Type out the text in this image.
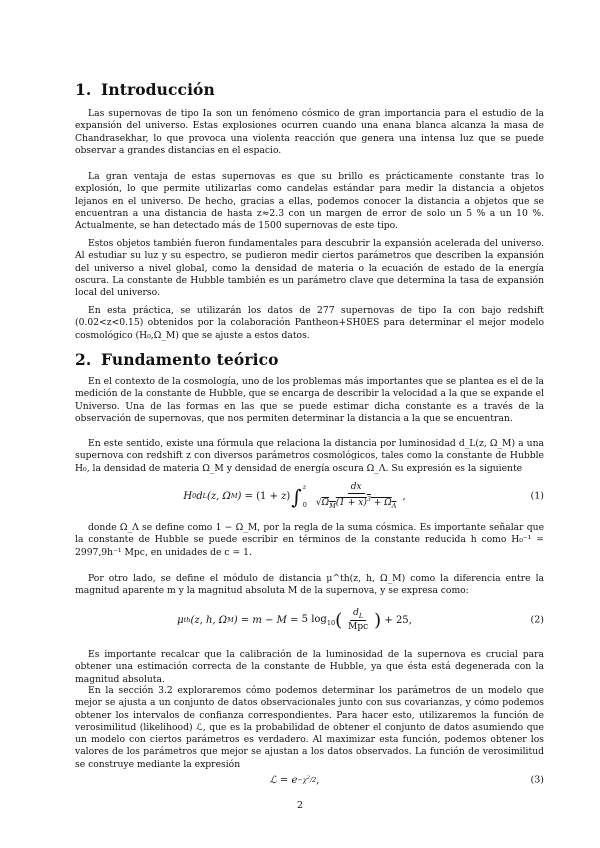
1. Introducción

Las supernovas de tipo Ia son un fenómeno cósmico de gran importancia para el estudio de la expansión del universo. Estas explosiones ocurren cuando una enana blanca alcanza la masa de Chandrasekhar, lo que provoca una violenta reacción que genera una intensa luz que se puede observar a grandes distancias en el espacio.

La gran ventaja de estas supernovas es que su brillo es prácticamente constante tras lo explosión, lo que permite utilizarlas como candelas estándar para medir la distancia a objetos lejanos en el universo. De hecho, gracias a ellas, podemos conocer la distancia a objetos que se encuentran a una distancia de hasta z≈2.3 con un margen de error de solo un 5 % a un 10 %. Actualmente, se han detectado más de 1500 supernovas de este tipo.

Estos objetos también fueron fundamentales para descubrir la expansión acelerada del universo. Al estudiar su luz y su espectro, se pudieron medir ciertos parámetros que describen la expansión del universo a nivel global, como la densidad de materia o la ecuación de estado de la energía oscura. La constante de Hubble también es un parámetro clave que determina la tasa de expansión local del universo.

En esta práctica, se utilizarán los datos de 277 supernovas de tipo Ia con bajo redshift (0.02<z<0.15) obtenidos por la colaboración Pantheon+SH0ES para determinar el mejor modelo cosmológico (H₀,Ω_M) que se ajuste a estos datos.

2. Fundamento teórico

En el contexto de la cosmología, uno de los problemas más importantes que se plantea es el de la medición de la constante de Hubble, que se encarga de describir la velocidad a la que se expande el Universo. Una de las formas en las que se puede estimar dicha constante es a través de la observación de supernovas, que nos permiten determinar la distancia a la que se encuentran.

En este sentido, existe una fórmula que relaciona la distancia por luminosidad d_L(z, Ω_M) a una supernova con redshift z con diversos parámetros cosmológicos, tales como la constante de Hubble H₀, la densidad de materia Ω_M y densidad de energía oscura Ω_Λ. Su expresión es la siguiente

H 0 d L (z, Ω M ) =
(1 + z ) ∫ z
$0 \frac{dx}{√\Omega_M(1 + x)^3 + \Omega_\Lambda}$ ,	(1)

donde Ω_Λ se define como 1 − Ω_M, por la regla de la suma cósmica. Es importante señalar que la constante de Hubble se puede escribir en términos de la constante reducida h como H₀⁻¹ = 2997,9h⁻¹ Mpc, en unidades de c = 1.

Por otro lado, se define el módulo de distancia μ^th(z, h, Ω_M) como la diferencia entre la magnitud aparente m y la magnitud absoluta M de la supernova, y se expresa como:

μ th (z, h, Ω M ) = m − M =
5 $\log_{10}$ ( $\frac{d_L}{\text{Mpc}}$ ) + 25,	(2)

Es importante recalcar que la calibración de la luminosidad de la supernova es crucial para obtener una estimación correcta de la constante de Hubble, ya que ésta está degenerada con la magnitud absoluta.

En la sección 3.2 exploraremos cómo podemos determinar los parámetros de un modelo que mejor se ajusta a un conjunto de datos observacionales junto con sus covarianzas, y cómo podemos obtener los intervalos de confianza correspondientes. Para hacer esto, utilizaremos la función de verosimilitud (likelihood) ℒ, que es la probabilidad de obtener el conjunto de datos asumiendo que un modelo con ciertos parámetros es verdadero. Al maximizar esta función, podemos obtener los valores de los parámetros que mejor se ajustan a los datos observados. La función de verosimilitud se construye mediante la expresión

ℒ
= $e -\chi^2/2$ ,	(3)
2
